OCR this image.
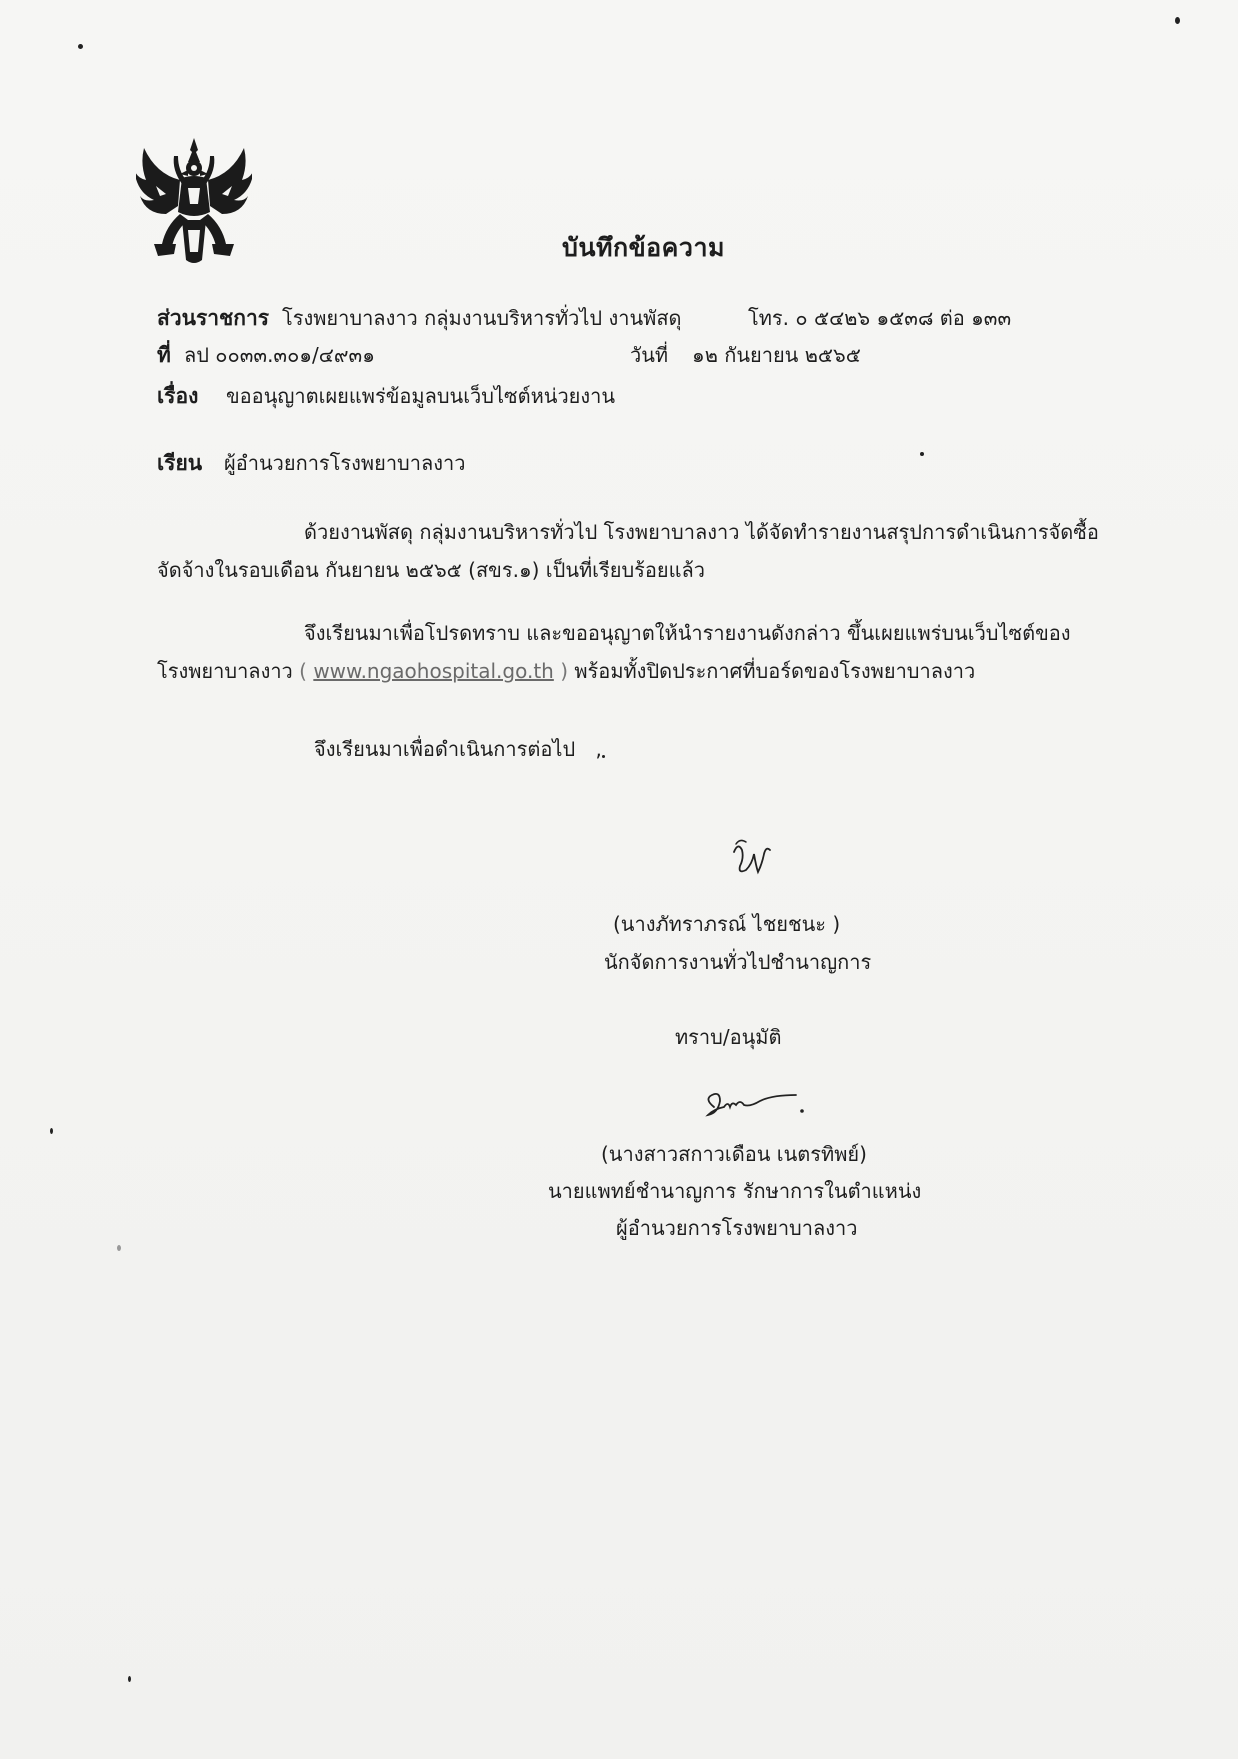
บันทึกข้อความ
ส่วนราชการ โรงพยาบาลงาว กลุ่มงานบริหารทั่วไป งานพัสดุ	โทร. ๐ ๕๔๒๖ ๑๕๓๘ ต่อ ๑๓๓
ที่ ลป ๐๐๓๓.๓๐๑/๔๙๓๑	วันที่ ๑๒ กันยายน ๒๕๖๕
เรื่อง ขออนุญาตเผยแพร่ข้อมูลบนเว็บไซต์หน่วยงาน
เรียน ผู้อำนวยการโรงพยาบาลงาว
ด้วยงานพัสดุ กลุ่มงานบริหารทั่วไป โรงพยาบาลงาว ได้จัดทำรายงานสรุปการดำเนินการจัดซื้อ
จัดจ้างในรอบเดือน กันยายน ๒๕๖๕ (สขร.๑) เป็นที่เรียบร้อยแล้ว
จึงเรียนมาเพื่อโปรดทราบ และขออนุญาตให้นำรายงานดังกล่าว ขึ้นเผยแพร่บนเว็บไซต์ของ
โรงพยาบาลงาว ( www.ngaohospital.go.th ) พร้อมทั้งปิดประกาศที่บอร์ดของโรงพยาบาลงาว
จึงเรียนมาเพื่อดำเนินการต่อไป ,
(นางภัทราภรณ์ ไชยชนะ )
นักจัดการงานทั่วไปชำนาญการ
ทราบ/อนุมัติ
(นางสาวสกาวเดือน เนตรทิพย์)
นายแพทย์ชำนาญการ รักษาการในตำแหน่ง
ผู้อำนวยการโรงพยาบาลงาว
